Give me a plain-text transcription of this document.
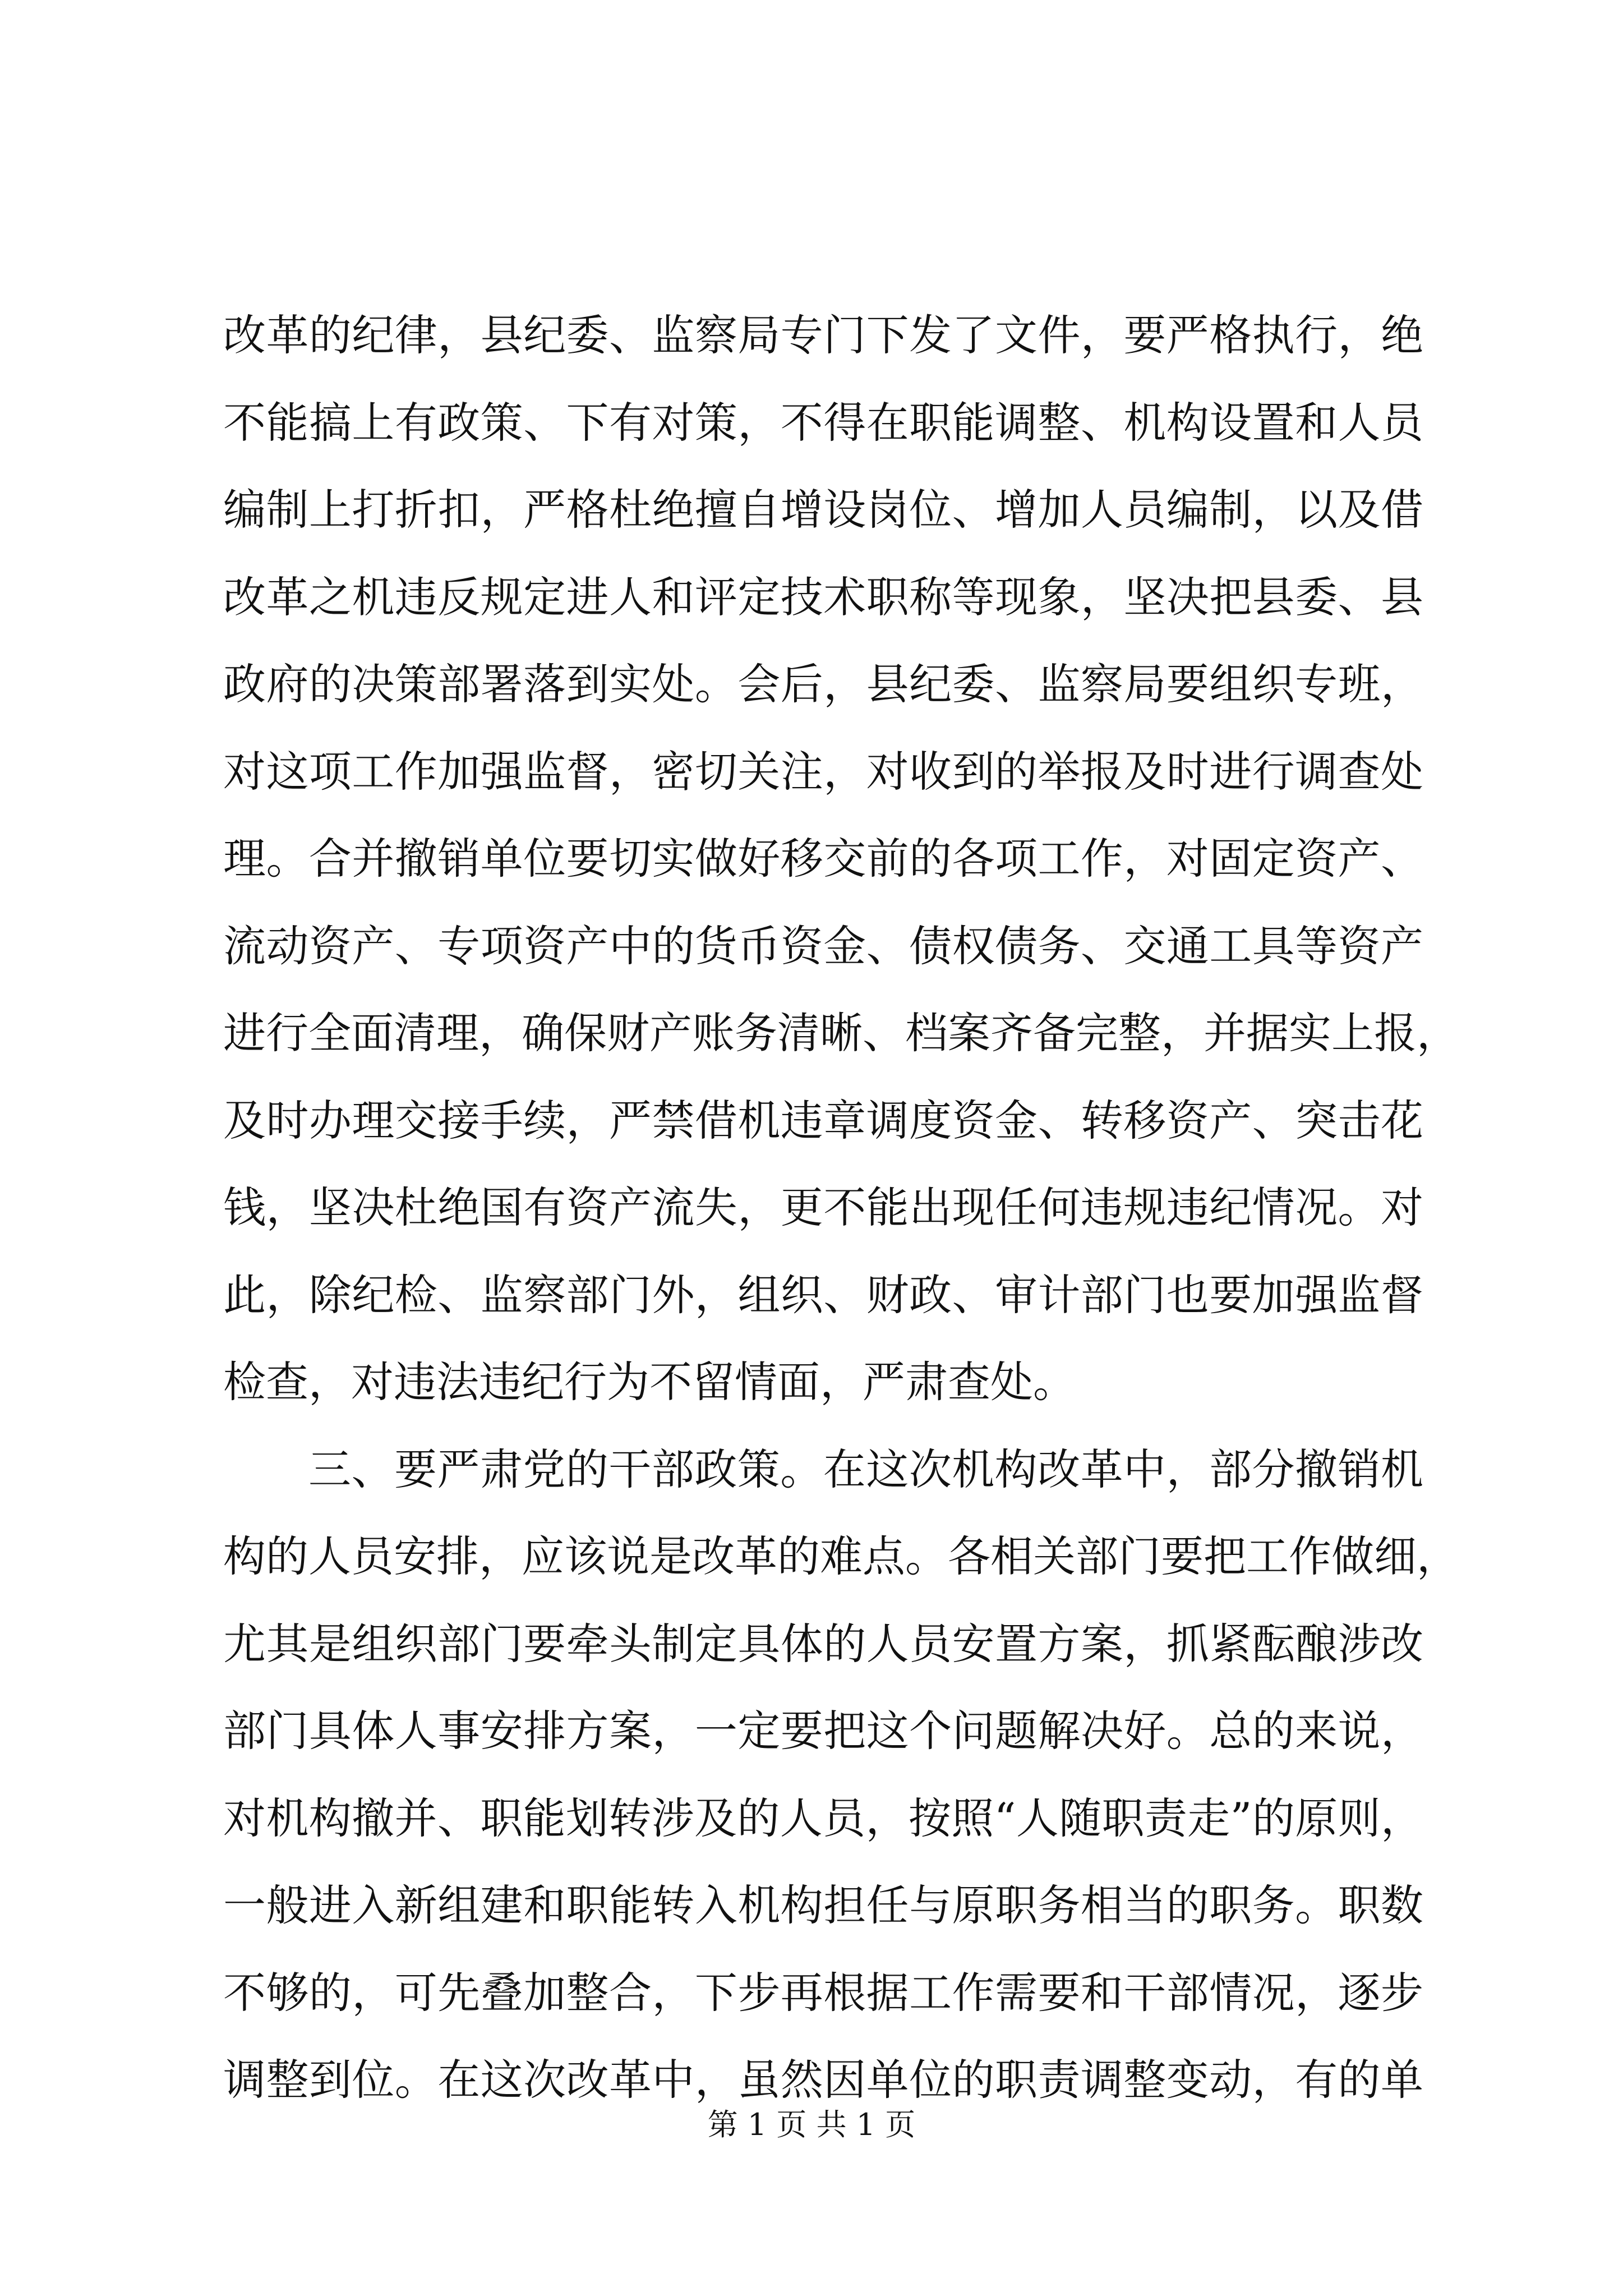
改革的纪律，县纪委、监察局专门下发了文件，要严格执行，绝
不能搞上有政策、下有对策，不得在职能调整、机构设置和人员
编制上打折扣，严格杜绝擅自增设岗位、增加人员编制，以及借
改革之机违反规定进人和评定技术职称等现象，坚决把县委、县
政府的决策部署落到实处。会后，县纪委、监察局要组织专班，
对这项工作加强监督，密切关注，对收到的举报及时进行调查处
理。合并撤销单位要切实做好移交前的各项工作，对固定资产、
流动资产、专项资产中的货币资金、债权债务、交通工具等资产
进行全面清理，确保财产账务清晰、档案齐备完整，并据实上报，
及时办理交接手续，严禁借机违章调度资金、转移资产、突击花
钱，坚决杜绝国有资产流失，更不能出现任何违规违纪情况。对
此，除纪检、监察部门外，组织、财政、审计部门也要加强监督
检查，对违法违纪行为不留情面，严肃查处。
三、要严肃党的干部政策。在这次机构改革中，部分撤销机
构的人员安排，应该说是改革的难点。各相关部门要把工作做细，
尤其是组织部门要牵头制定具体的人员安置方案，抓紧酝酿涉改
部门具体人事安排方案，一定要把这个问题解决好。总的来说，
对机构撤并、职能划转涉及的人员，按照“人随职责走”的原则，
一般进入新组建和职能转入机构担任与原职务相当的职务。职数
不够的，可先叠加整合，下步再根据工作需要和干部情况，逐步
调整到位。在这次改革中，虽然因单位的职责调整变动，有的单
第 1 页 共 1 页
